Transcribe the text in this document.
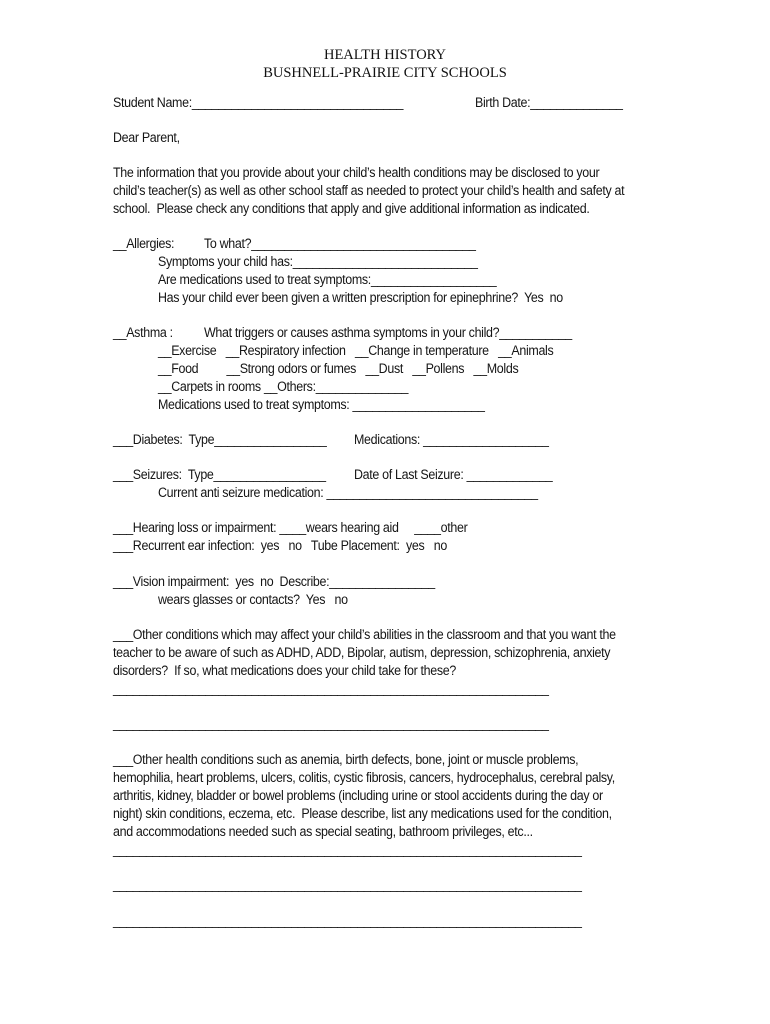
HEALTH HISTORY
BUSHNELL-PRAIRIE CITY SCHOOLS
Student Name:________________________________	Birth Date:______________
Dear Parent,
The information that you provide about your child’s health conditions may be disclosed to your
child’s teacher(s) as well as other school staff as needed to protect your child’s health and safety at
school.  Please check any conditions that apply and give additional information as indicated.
__Allergies: To what?__________________________________
Symptoms your child has:____________________________
Are medications used to treat symptoms:___________________
Has your child ever been given a written prescription for epinephrine?  Yes  no
__Asthma : What triggers or causes asthma symptoms in your child?___________
__Exercise   __Respiratory infection   __Change in temperature   __Animals
__Food         __Strong odors or fumes   __Dust   __Pollens   __Molds
__Carpets in rooms __Others:______________
Medications used to treat symptoms: ____________________
___Diabetes:  Type_________________ Medications: ___________________
___Seizures:  Type_________________ Date of Last Seizure: _____________
Current anti seizure medication: ________________________________
___Hearing loss or impairment: ____wears hearing aid     ____other
___Recurrent ear infection:  yes   no   Tube Placement:  yes   no
___Vision impairment:  yes  no  Describe:________________
wears glasses or contacts?  Yes   no
___Other conditions which may affect your child’s abilities in the classroom and that you want the
teacher to be aware of such as ADHD, ADD, Bipolar, autism, depression, schizophrenia, anxiety
disorders?  If so, what medications does your child take for these?
__________________________________________________________________
__________________________________________________________________
___Other health conditions such as anemia, birth defects, bone, joint or muscle problems,
hemophilia, heart problems, ulcers, colitis, cystic fibrosis, cancers, hydrocephalus, cerebral palsy,
arthritis, kidney, bladder or bowel problems (including urine or stool accidents during the day or
night) skin conditions, eczema, etc.  Please describe, list any medications used for the condition,
and accommodations needed such as special seating, bathroom privileges, etc...
_______________________________________________________________________
_______________________________________________________________________
_______________________________________________________________________
